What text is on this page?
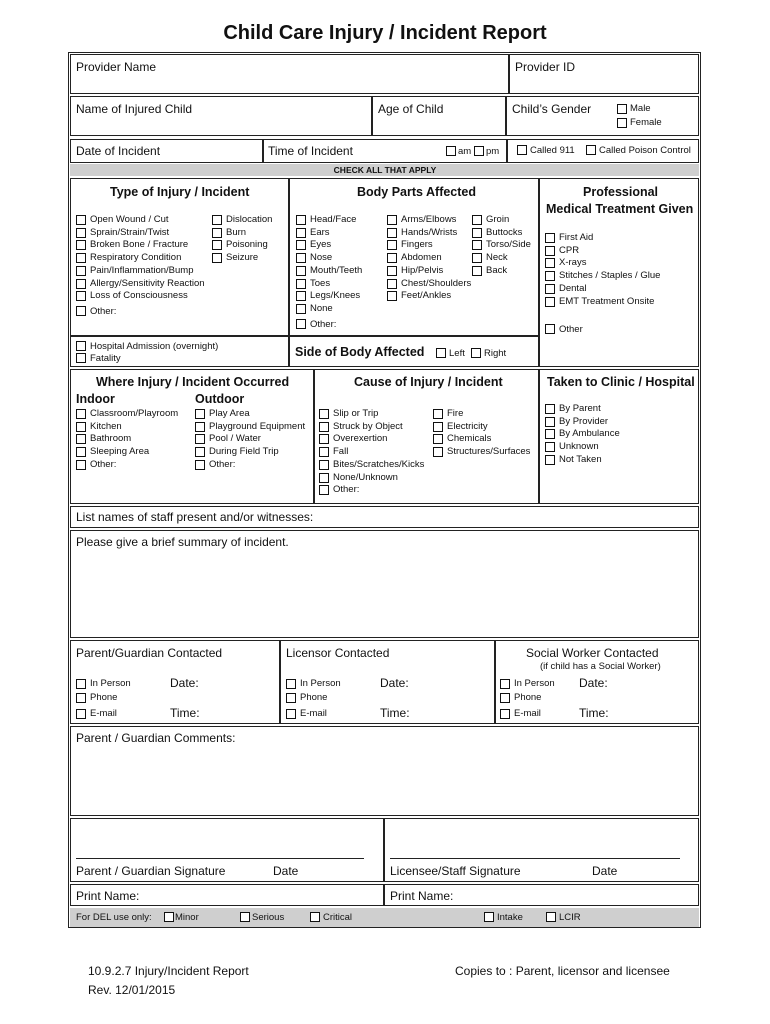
Child Care Injury / Incident Report
Provider Name	Provider ID
Name of Injured Child	Age of Child	Child’s Gender	Male
Female
Date of Incident	Time of Incident	am pm	Called 911	Called Poison Control
CHECK ALL THAT APPLY
Type of Injury / Incident
Open Wound / Cut
Sprain/Strain/Twist
Broken Bone / Fracture
Respiratory Condition
Pain/Inflammation/Bump
Allergy/Sensitivity Reaction
Loss of Consciousness
Dislocation
Burn
Poisoning
Seizure
Other:
Hospital Admission (overnight)
Fatality
Body Parts Affected
Head/Face
Ears
Eyes
Nose
Mouth/Teeth
Toes
Legs/Knees
None
Arms/Elbows
Hands/Wrists
Fingers
Abdomen
Hip/Pelvis
Chest/Shoulders
Feet/Ankles
Groin
Buttocks
Torso/Side
Neck
Back
Other:
Side of Body Affected	Left Right
Professional
Medical Treatment Given
First Aid
CPR
X-rays
Stitches / Staples / Glue
Dental
EMT Treatment Onsite
Other
Where Injury / Incident Occurred
Indoor	Outdoor
Classroom/Playroom
Kitchen
Bathroom
Sleeping Area
Other:
Play Area
Playground Equipment
Pool / Water
During Field Trip
Other:
Cause of Injury / Incident
Slip or Trip
Struck by Object
Overexertion
Fall
Bites/Scratches/Kicks
None/Unknown
Other:
Fire
Electricity
Chemicals
Structures/Surfaces
Taken to Clinic / Hospital
By Parent
By Provider
By Ambulance
Unknown
Not Taken
List names of staff present and/or witnesses:
Please give a brief summary of incident.
Parent/Guardian Contacted	Licensor Contacted	Social Worker Contacted
(if child has a Social Worker)
In Person
Phone
E-mail
Date:
Time:
In Person
Phone
E-mail
Date:
Time:
In Person
Phone
E-mail
Date:
Time:
Parent / Guardian Comments:
Parent / Guardian Signature	Date	Licensee/Staff Signature	Date
Print Name:	Print Name:
For DEL use only: Minor	Serious	Critical	Intake	LCIR
10.9.2.7 Injury/Incident Report
Rev. 12/01/2015
Copies to : Parent, licensor and licensee
